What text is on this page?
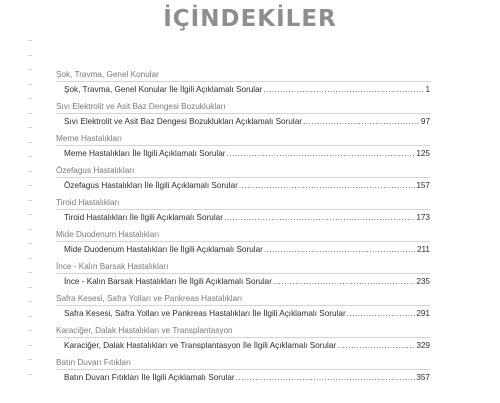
İÇİNDEKİLER
Şok, Travma, Genel Konular
Şok, Travma, Genel Konular İle İlgili Açıklamalı Sorular .....	1
Sıvı Elektrolit ve Asit Baz Dengesi Bozuklukları
Sıvı Elektrolit ve Asit Baz Dengesi Bozuklukları Açıklamalı Sorular .....	97
Meme Hastalıkları
Meme Hastalıkları İle İlgili Açıklamalı Sorular .....	125
Özefagus Hastalıkları
Özefagus Hastalıkları İle İlgili Açıklamalı Sorular .....	157
Tiroid Hastalıkları
Tiroid Hastalıkları İle İlgili Açıklamalı Sorular .....	173
Mide Duodenum Hastalıkları
Mide Duodenum Hastalıkları İle İlgili Açıklamalı Sorular .....	211
İnce - Kalın Barsak Hastalıkları
İnce - Kalın Barsak Hastalıkları İle İlgili Açıklamalı Sorular .....	235
Safra Kesesi, Safra Yolları ve Pankreas Hastalıkları
Safra Kesesi, Safra Yolları ve Pankreas Hastalıkları İle İlgili Açıklamalı Sorular .....	291
Karaciğer, Dalak Hastalıkları ve Transplantasyon
Karaciğer, Dalak Hastalıkları ve Transplantasyon İle İlgili Açıklamalı Sorular .....	329
Batın Duvarı Fıtıkları
Batın Duvarı Fıtıkları İle İlgili Açıklamalı Sorular .....	357
